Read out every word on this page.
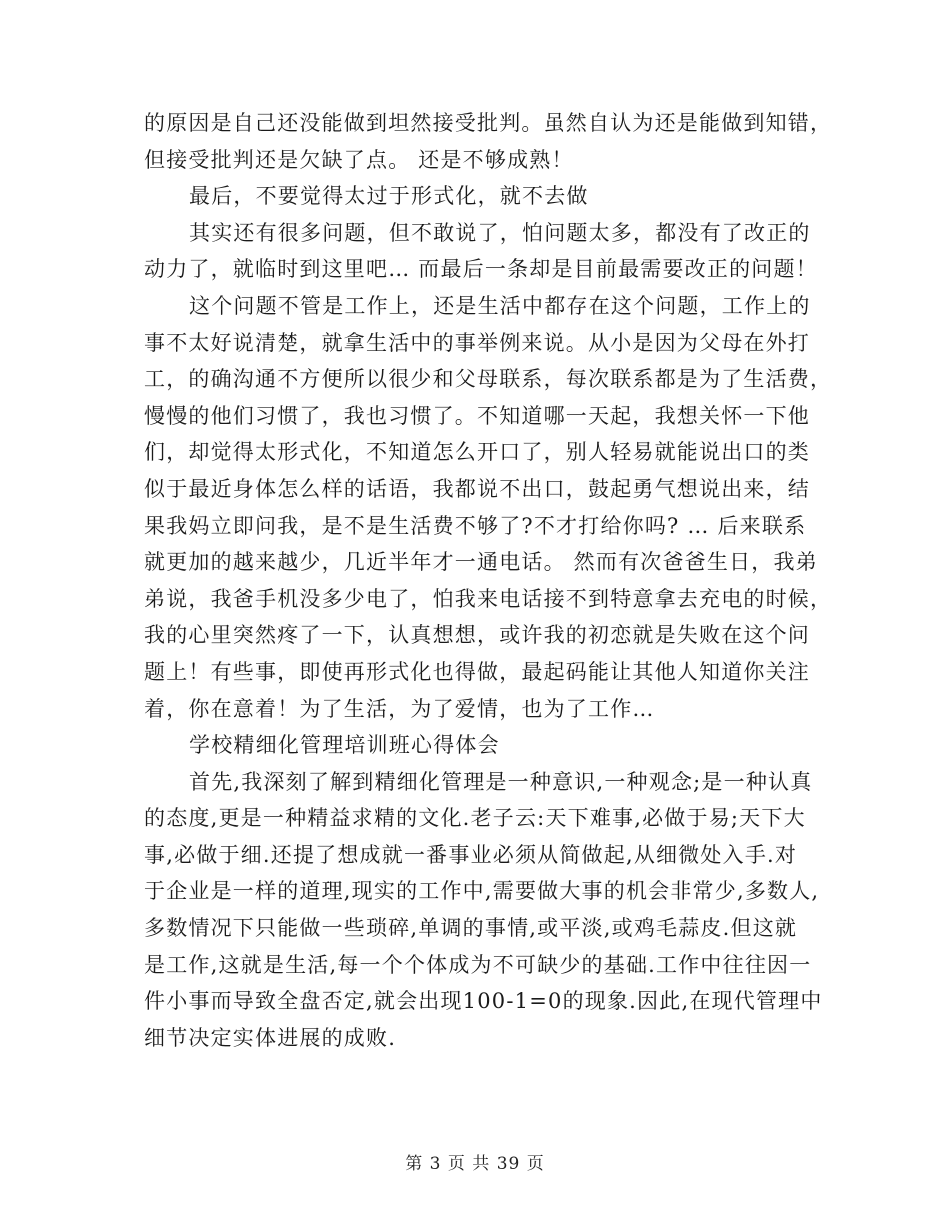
的原因是自己还没能做到坦然接受批判。虽然自认为还是能做到知错，
但接受批判还是欠缺了点。 还是不够成熟！
最后，不要觉得太过于形式化，就不去做
其实还有很多问题，但不敢说了，怕问题太多，都没有了改正的
动力了，就临时到这里吧… 而最后一条却是目前最需要改正的问题！
这个问题不管是工作上，还是生活中都存在这个问题，工作上的
事不太好说清楚，就拿生活中的事举例来说。从小是因为父母在外打
工，的确沟通不方便所以很少和父母联系，每次联系都是为了生活费，
慢慢的他们习惯了，我也习惯了。不知道哪一天起，我想关怀一下他
们，却觉得太形式化，不知道怎么开口了，别人轻易就能说出口的类
似于最近身体怎么样的话语，我都说不出口，鼓起勇气想说出来，结
果我妈立即问我，是不是生活费不够了?不才打给你吗? … 后来联系
就更加的越来越少，几近半年才一通电话。 然而有次爸爸生日，我弟
弟说，我爸手机没多少电了，怕我来电话接不到特意拿去充电的时候，
我的心里突然疼了一下，认真想想，或许我的初恋就是失败在这个问
题上！有些事，即使再形式化也得做，最起码能让其他人知道你关注
着，你在意着！为了生活，为了爱情，也为了工作…
学校精细化管理培训班心得体会
首先,我深刻了解到精细化管理是一种意识,一种观念;是一种认真
的态度,更是一种精益求精的文化.老子云:天下难事,必做于易;天下大
事,必做于细.还提了想成就一番事业必须从简做起,从细微处入手.对
于企业是一样的道理,现实的工作中,需要做大事的机会非常少,多数人,
多数情况下只能做一些琐碎,单调的事情,或平淡,或鸡毛蒜皮.但这就
是工作,这就是生活,每一个个体成为不可缺少的基础.工作中往往因一
件小事而导致全盘否定,就会出现100-1=0的现象.因此,在现代管理中
细节决定实体进展的成败.
第 3 页 共 39 页
